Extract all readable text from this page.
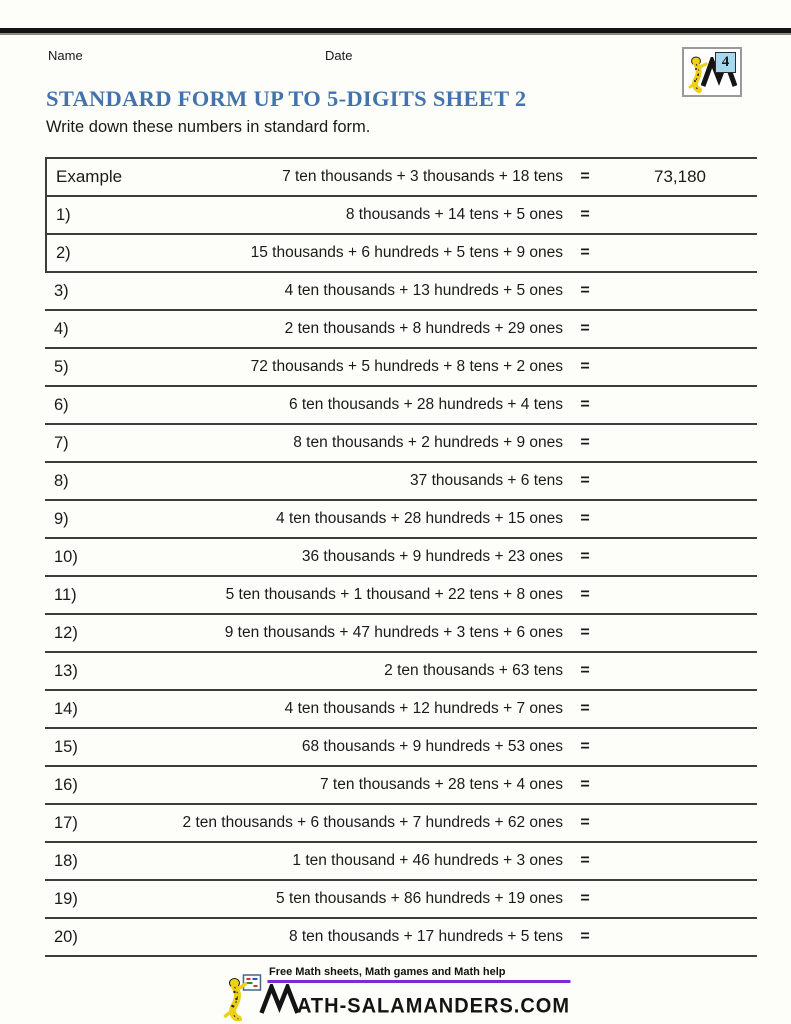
Name	Date	4
STANDARD FORM UP TO 5-DIGITS SHEET 2
Write down these numbers in standard form.
Example	7 ten thousands + 3 thousands + 18 tens	=	73,180
1)	8 thousands + 14 tens + 5 ones	=
2)	15 thousands + 6 hundreds + 5 tens + 9 ones	=
3)	4 ten thousands + 13 hundreds + 5 ones	=
4)	2 ten thousands + 8 hundreds + 29 ones	=
5)	72 thousands + 5 hundreds + 8 tens + 2 ones	=
6)	6 ten thousands + 28 hundreds + 4 tens	=
7)	8 ten thousands + 2 hundreds + 9 ones	=
8)	37 thousands + 6 tens	=
9)	4 ten thousands + 28 hundreds + 15 ones	=
10)	36 thousands + 9 hundreds + 23 ones	=
11)	5 ten thousands + 1 thousand + 22 tens + 8 ones	=
12)	9 ten thousands + 47 hundreds + 3 tens + 6 ones	=
13)	2 ten thousands + 63 tens	=
14)	4 ten thousands + 12 hundreds + 7 ones	=
15)	68 thousands + 9 hundreds + 53 ones	=
16)	7 ten thousands + 28 tens + 4 ones	=
17)	2 ten thousands + 6 thousands + 7 hundreds + 62 ones	=
18)	1 ten thousand + 46 hundreds + 3 ones	=
19)	5 ten thousands + 86 hundreds + 19 ones	=
20)	8 ten thousands + 17 hundreds + 5 tens	=
Free Math sheets, Math games and Math help
ATH-SALAMANDERS.COM
